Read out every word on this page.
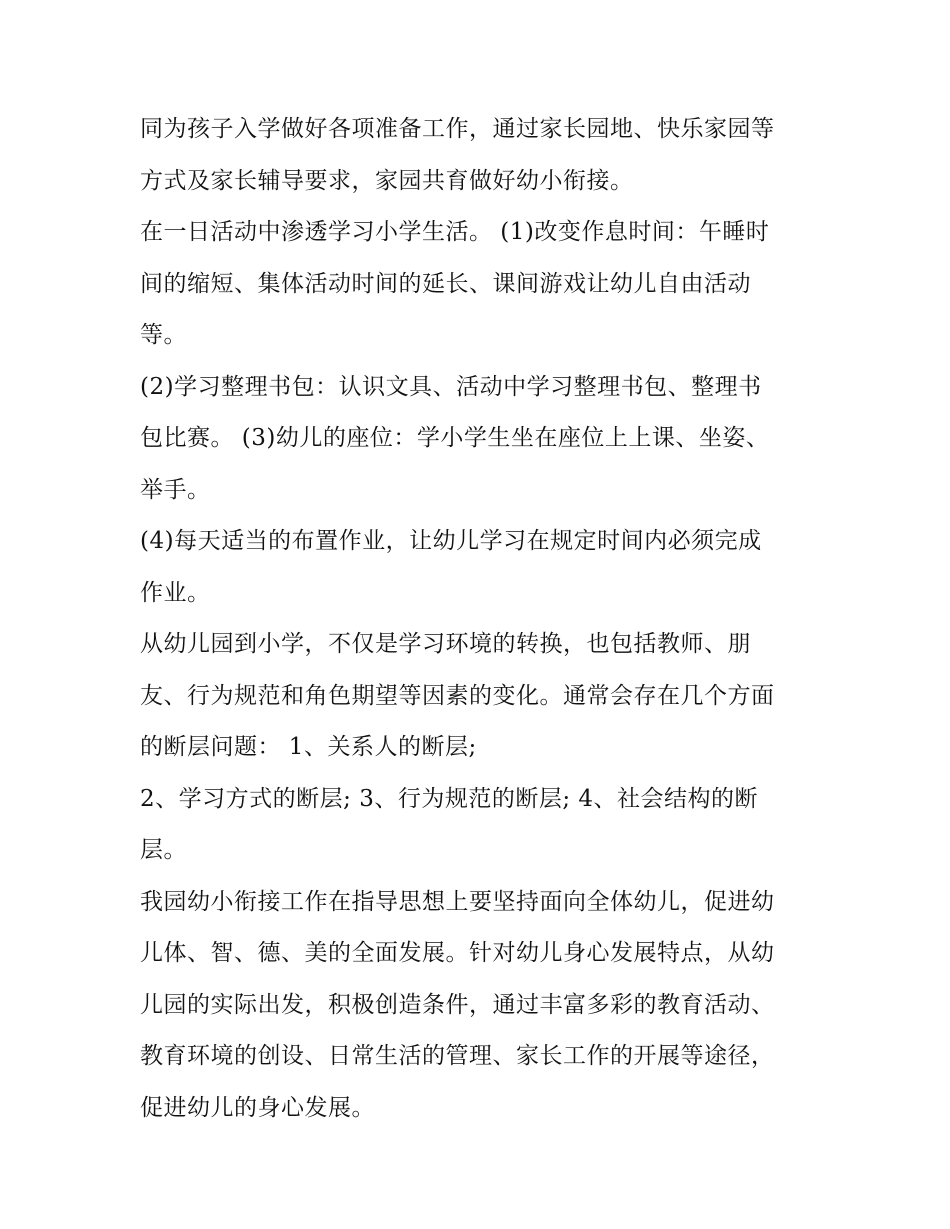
同为孩子入学做好各项准备工作，通过家长园地、快乐家园等
方式及家长辅导要求，家园共育做好幼小衔接。
在一日活动中渗透学习小学生活。 (1)改变作息时间：午睡时
间的缩短、集体活动时间的延长、课间游戏让幼儿自由活动
等。
(2)学习整理书包：认识文具、活动中学习整理书包、整理书
包比赛。 (3)幼儿的座位：学小学生坐在座位上上课、坐姿、
举手。
(4)每天适当的布置作业，让幼儿学习在规定时间内必须完成
作业。
从幼儿园到小学，不仅是学习环境的转换，也包括教师、朋
友、行为规范和角色期望等因素的变化。通常会存在几个方面
的断层问题： 1、关系人的断层;
2、学习方式的断层; 3、行为规范的断层; 4、社会结构的断
层。
我园幼小衔接工作在指导思想上要坚持面向全体幼儿，促进幼
儿体、智、德、美的全面发展。针对幼儿身心发展特点，从幼
儿园的实际出发，积极创造条件，通过丰富多彩的教育活动、
教育环境的创设、日常生活的管理、家长工作的开展等途径，
促进幼儿的身心发展。
